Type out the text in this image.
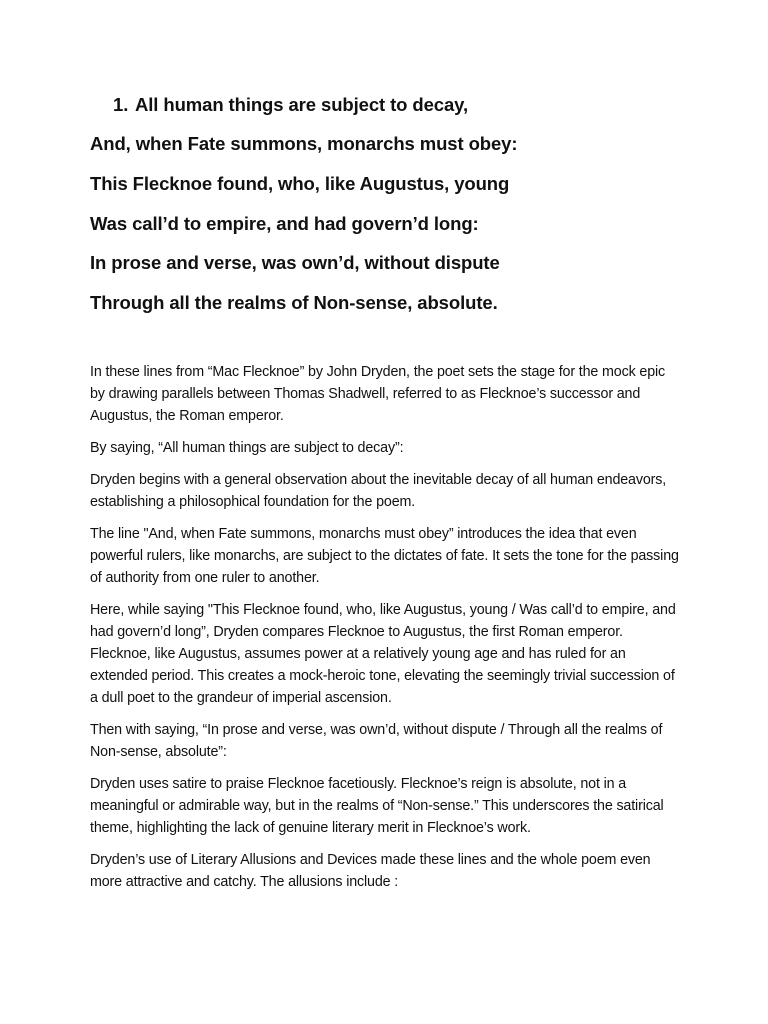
1. All human things are subject to decay,
And, when Fate summons, monarchs must obey:
This Flecknoe found, who, like Augustus, young
Was call’d to empire, and had govern’d long:
In prose and verse, was own’d, without dispute
Through all the realms of Non-sense, absolute.

In these lines from “Mac Flecknoe” by John Dryden, the poet sets the stage for the mock epic by drawing parallels between Thomas Shadwell, referred to as Flecknoe’s successor and Augustus, the Roman emperor.

By saying, “All human things are subject to decay”:

Dryden begins with a general observation about the inevitable decay of all human endeavors, establishing a philosophical foundation for the poem.

The line "And, when Fate summons, monarchs must obey” introduces the idea that even powerful rulers, like monarchs, are subject to the dictates of fate. It sets the tone for the passing of authority from one ruler to another.

Here, while saying "This Flecknoe found, who, like Augustus, young / Was call’d to empire, and had govern’d long”, Dryden compares Flecknoe to Augustus, the first Roman emperor. Flecknoe, like Augustus, assumes power at a relatively young age and has ruled for an extended period. This creates a mock-heroic tone, elevating the seemingly trivial succession of a dull poet to the grandeur of imperial ascension.

Then with saying, “In prose and verse, was own’d, without dispute / Through all the realms of Non-sense, absolute”:

Dryden uses satire to praise Flecknoe facetiously. Flecknoe’s reign is absolute, not in a meaningful or admirable way, but in the realms of “Non-sense.” This underscores the satirical theme, highlighting the lack of genuine literary merit in Flecknoe’s work.

Dryden’s use of Literary Allusions and Devices made these lines and the whole poem even more attractive and catchy. The allusions include :
